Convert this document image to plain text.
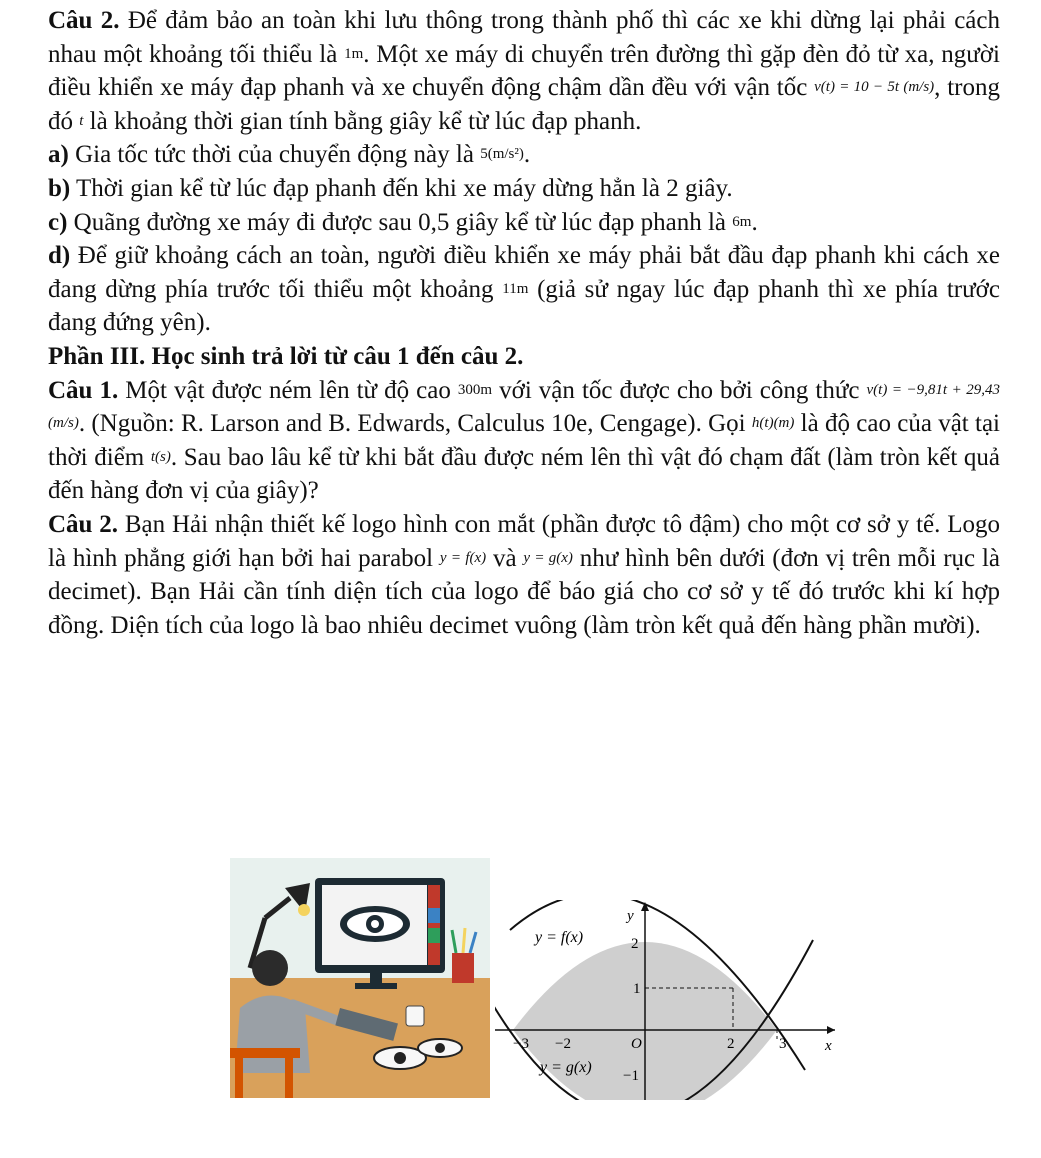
Câu 2. Để đảm bảo an toàn khi lưu thông trong thành phố thì các xe khi dừng lại phải cách nhau một khoảng tối thiểu là 1m. Một xe máy di chuyển trên đường thì gặp đèn đỏ từ xa, người điều khiển xe máy đạp phanh và xe chuyển động chậm dần đều với vận tốc v(t) = 10 − 5t (m/s), trong đó t là khoảng thời gian tính bằng giây kể từ lúc đạp phanh.

a) Gia tốc tức thời của chuyển động này là 5(m/s²).

b) Thời gian kể từ lúc đạp phanh đến khi xe máy dừng hẳn là 2 giây.

c) Quãng đường xe máy đi được sau 0,5 giây kể từ lúc đạp phanh là 6m.

d) Để giữ khoảng cách an toàn, người điều khiển xe máy phải bắt đầu đạp phanh khi cách xe đang dừng phía trước tối thiểu một khoảng 11m (giả sử ngay lúc đạp phanh thì xe phía trước đang đứng yên).

Phần III. Học sinh trả lời từ câu 1 đến câu 2.

Câu 1. Một vật được ném lên từ độ cao 300m với vận tốc được cho bởi công thức v(t) = −9,81t + 29,43 (m/s). (Nguồn: R. Larson and B. Edwards, Calculus 10e, Cengage). Gọi h(t)(m) là độ cao của vật tại thời điểm t(s). Sau bao lâu kể từ khi bắt đầu được ném lên thì vật đó chạm đất (làm tròn kết quả đến hàng đơn vị của giây)?

Câu 2. Bạn Hải nhận thiết kế logo hình con mắt (phần được tô đậm) cho một cơ sở y tế. Logo là hình phẳng giới hạn bởi hai parabol y = f(x) và y = g(x) như hình bên dưới (đơn vị trên mỗi rục là decimet). Bạn Hải cần tính diện tích của logo để báo giá cho cơ sở y tế đó trước khi kí hợp đồng. Diện tích của logo là bao nhiêu decimet vuông (làm tròn kết quả đến hàng phần mười).

y = f(x)
y = g(x)
y
x
−3 −2	O	2	3
2
1
−1
